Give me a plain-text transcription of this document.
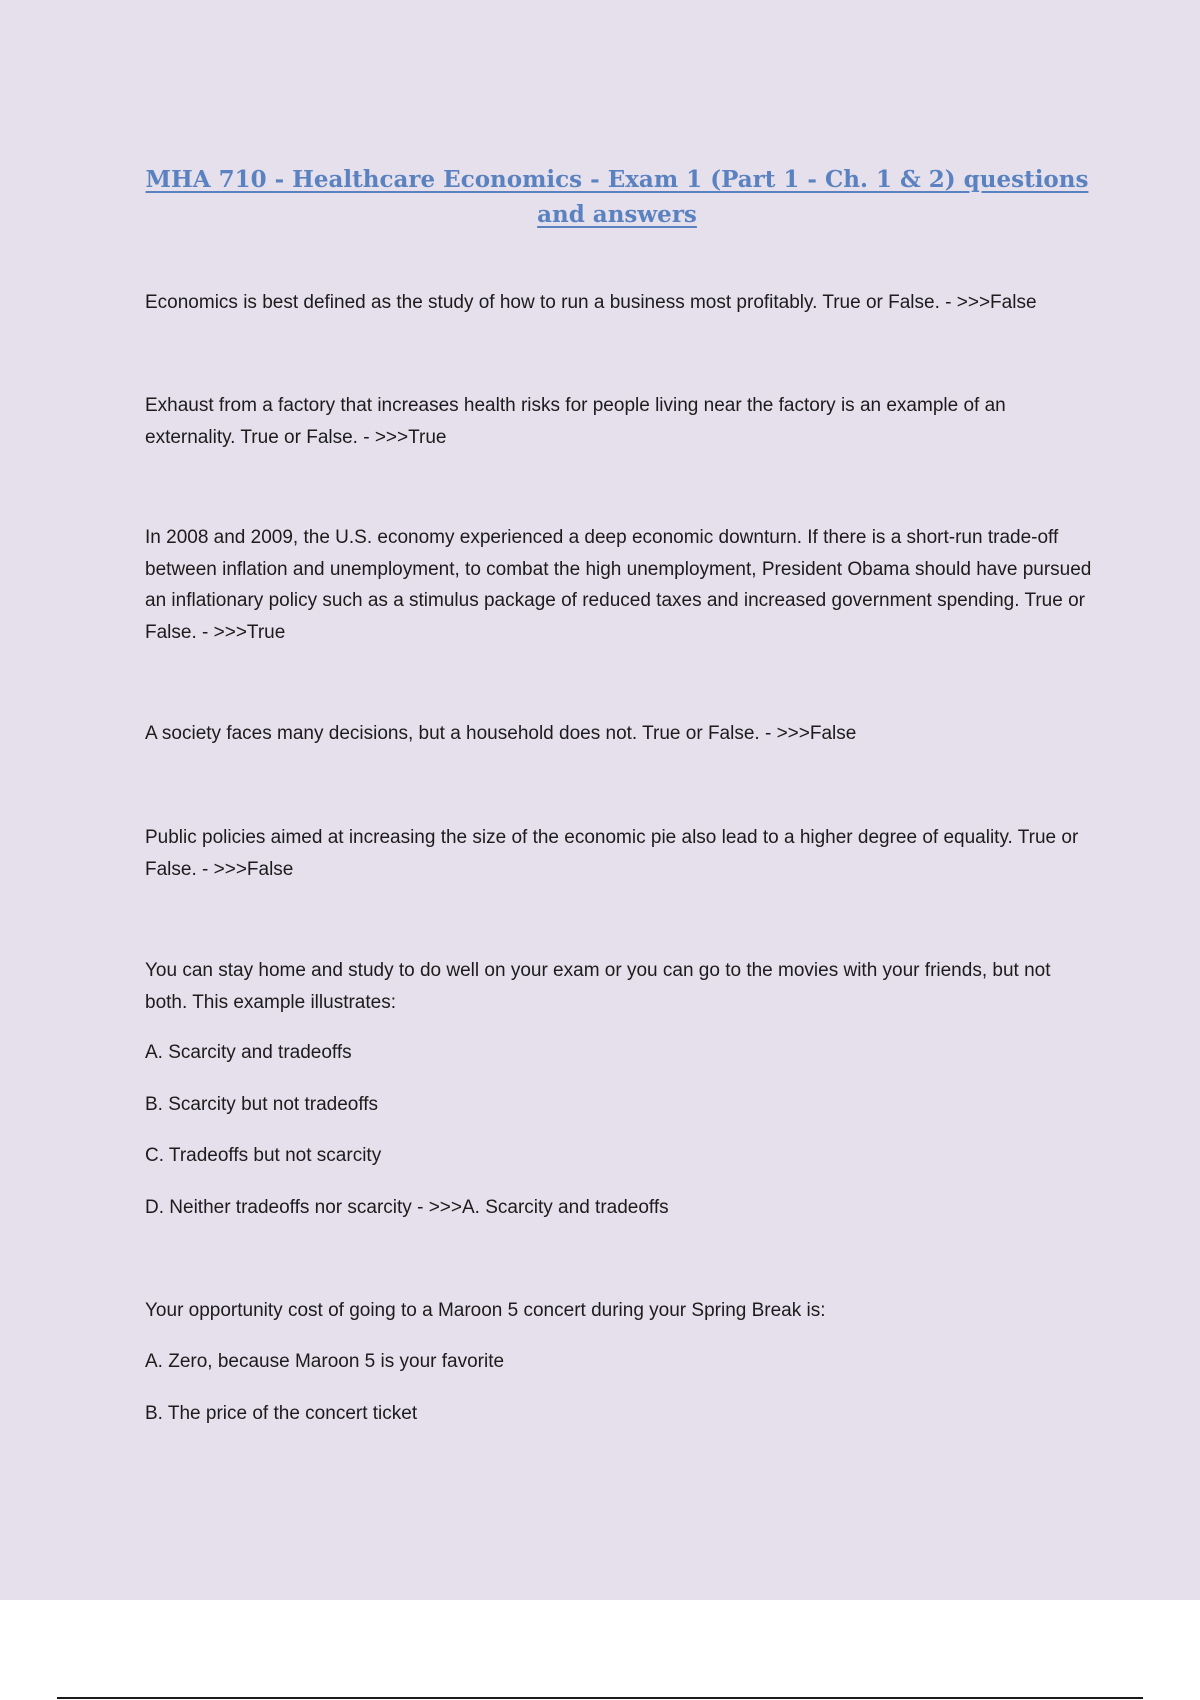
MHA 710 - Healthcare Economics - Exam 1 (Part 1 - Ch. 1 & 2) questions and answers

Economics is best defined as the study of how to run a business most profitably. True or False. - >>>False

Exhaust from a factory that increases health risks for people living near the factory is an example of an externality. True or False. - >>>True

In 2008 and 2009, the U.S. economy experienced a deep economic downturn. If there is a short-run trade-off between inflation and unemployment, to combat the high unemployment, President Obama should have pursued an inflationary policy such as a stimulus package of reduced taxes and increased government spending. True or False. - >>>True

A society faces many decisions, but a household does not. True or False. - >>>False

Public policies aimed at increasing the size of the economic pie also lead to a higher degree of equality. True or False. - >>>False

You can stay home and study to do well on your exam or you can go to the movies with your friends, but not both. This example illustrates:

A. Scarcity and tradeoffs

B. Scarcity but not tradeoffs

C. Tradeoffs but not scarcity

D. Neither tradeoffs nor scarcity - >>>A. Scarcity and tradeoffs

Your opportunity cost of going to a Maroon 5 concert during your Spring Break is:

A. Zero, because Maroon 5 is your favorite

B. The price of the concert ticket
